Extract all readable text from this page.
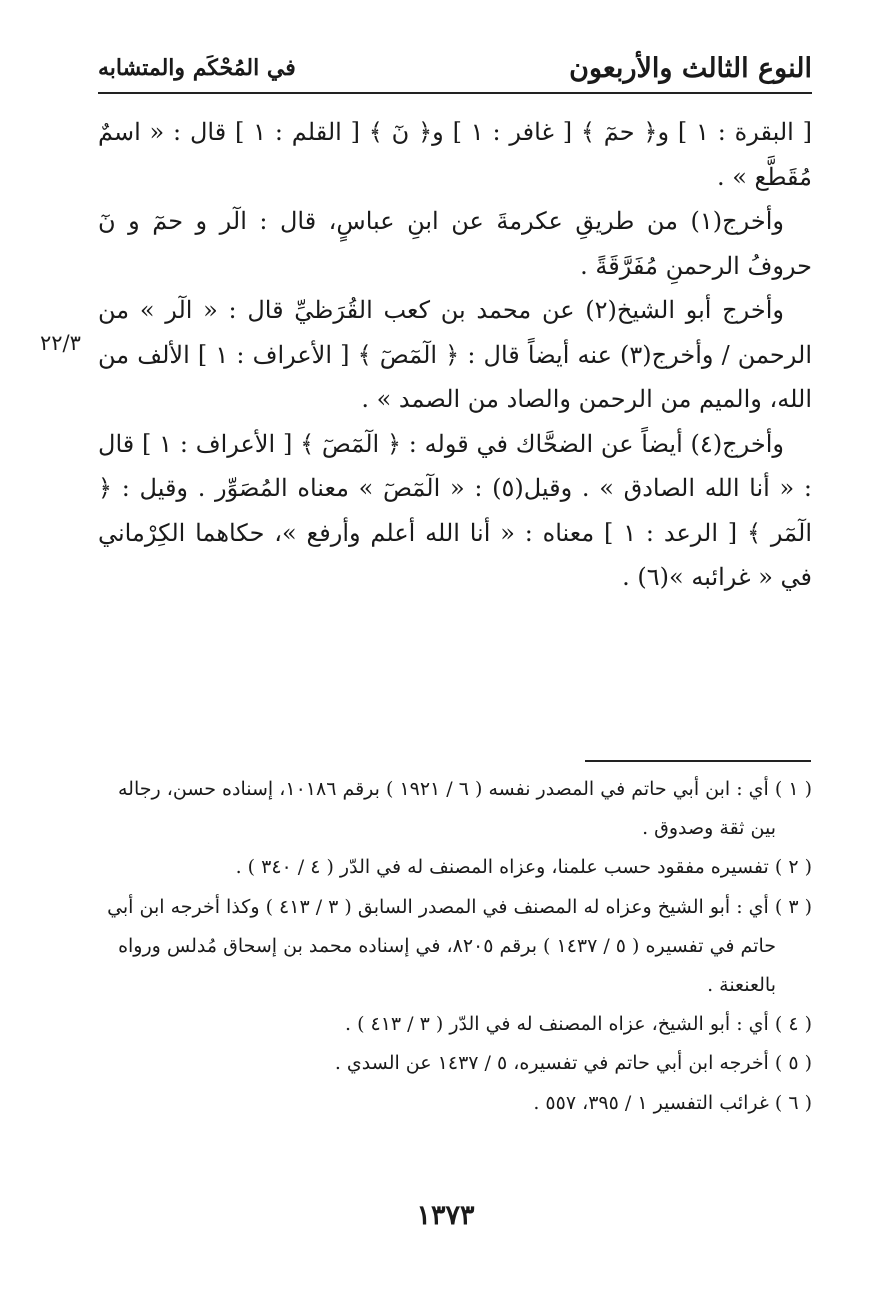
النوع الثالث والأربعون
في المُحْكَم والمتشابه

[ البقرة : ١ ] و﴿ حمٓ ﴾ [ غافر : ١ ] و﴿ نٓ ﴾ [ القلم : ١ ] قال : « اسمٌ مُقَطَّع » .

وأخرج(١) من طريقِ عكرمةَ عن ابنِ عباسٍ، قال : الٓر و حمٓ و نٓ حروفُ الرحمنِ مُفَرَّقَةً .

وأخرج أبو الشيخ(٢) عن محمد بن كعب القُرَظيِّ قال : « الٓر » من الرحمن / وأخرج(٣) عنه أيضاً قال : ﴿ الٓمٓصٓ ﴾ [ الأعراف : ١ ] الألف من الله، والميم من الرحمن والصاد من الصمد » .

وأخرج(٤) أيضاً عن الضحَّاك في قوله : ﴿ الٓمٓصٓ ﴾ [ الأعراف : ١ ] قال : « أنا الله الصادق » . وقيل(٥) : « الٓمٓصٓ » معناه المُصَوِّر . وقيل : ﴿ الٓمٓر ﴾ [ الرعد : ١ ] معناه : « أنا الله أعلم وأرفع »، حكاهما الكِرْماني في « غرائبه »(٦) .

٢٢/٣

( ١ ) أي : ابن أبي حاتم في المصدر نفسه ( ٦ / ١٩٢١ ) برقم ١٠١٨٦، إسناده حسن، رجاله بين ثقة وصدوق .

( ٢ ) تفسيره مفقود حسب علمنا، وعزاه المصنف له في الدّر ( ٤ / ٣٤٠ ) .

( ٣ ) أي : أبو الشيخ وعزاه له المصنف في المصدر السابق ( ٣ / ٤١٣ ) وكذا أخرجه ابن أبي حاتم في تفسيره ( ٥ / ١٤٣٧ ) برقم ٨٢٠٥، في إسناده محمد بن إسحاق مُدلس ورواه بالعنعنة .

( ٤ ) أي : أبو الشيخ، عزاه المصنف له في الدّر ( ٣ / ٤١٣ ) .

( ٥ ) أخرجه ابن أبي حاتم في تفسيره، ٥ / ١٤٣٧ عن السدي .

( ٦ ) غرائب التفسير ١ / ٣٩٥، ٥٥٧ .

١٣٧٣
